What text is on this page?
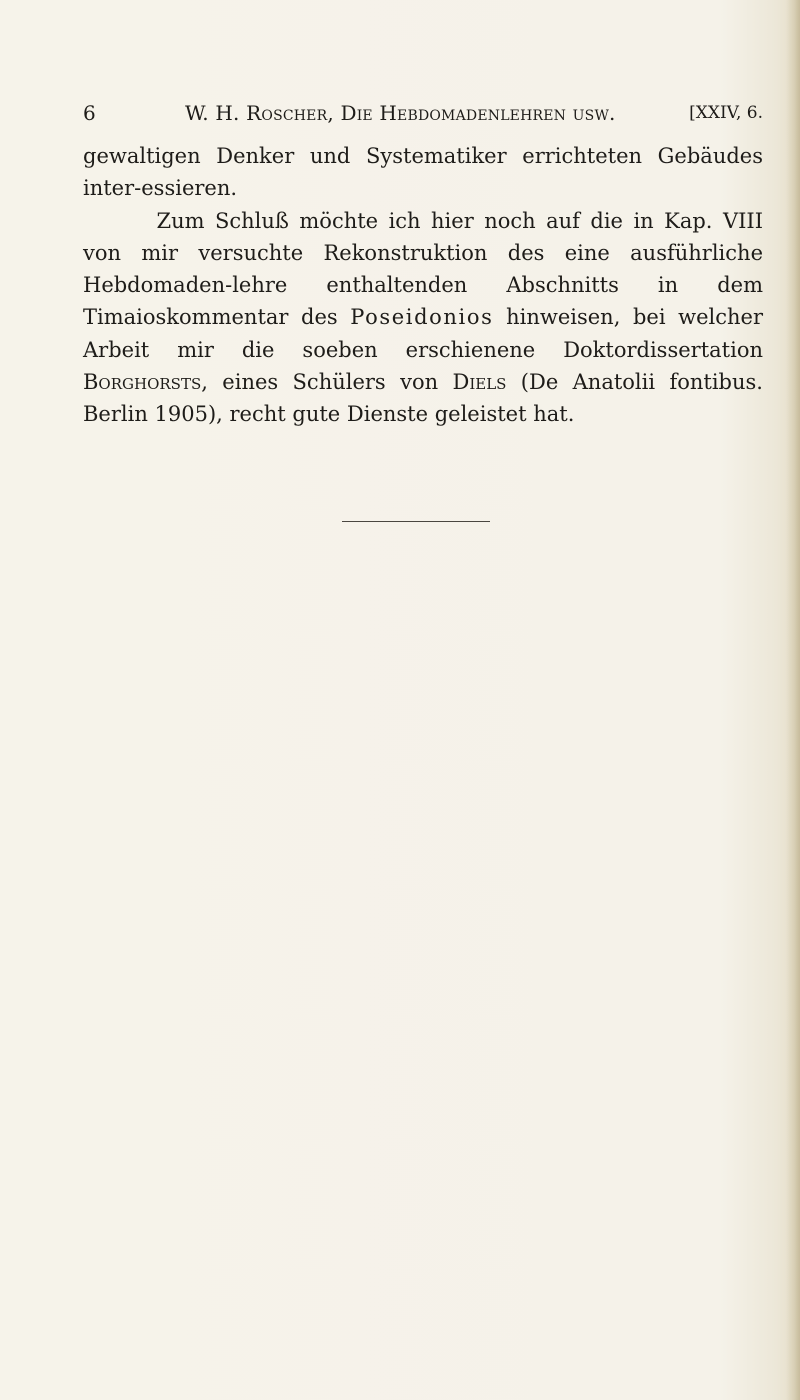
6	W. H. Roscher, Die Hebdomadenlehren usw.	[XXIV, 6.

gewaltigen Denker und Systematiker errichteten Gebäudes inter-essieren.

Zum Schluß möchte ich hier noch auf die in Kap. VIII von mir versuchte Rekonstruktion des eine ausführliche Hebdomaden-lehre enthaltenden Abschnitts in dem Timaioskommentar des Poseidonios hinweisen, bei welcher Arbeit mir die soeben erschienene Doktordissertation Borghorsts, eines Schülers von Diels (De Anatolii fontibus. Berlin 1905), recht gute Dienste geleistet hat.
